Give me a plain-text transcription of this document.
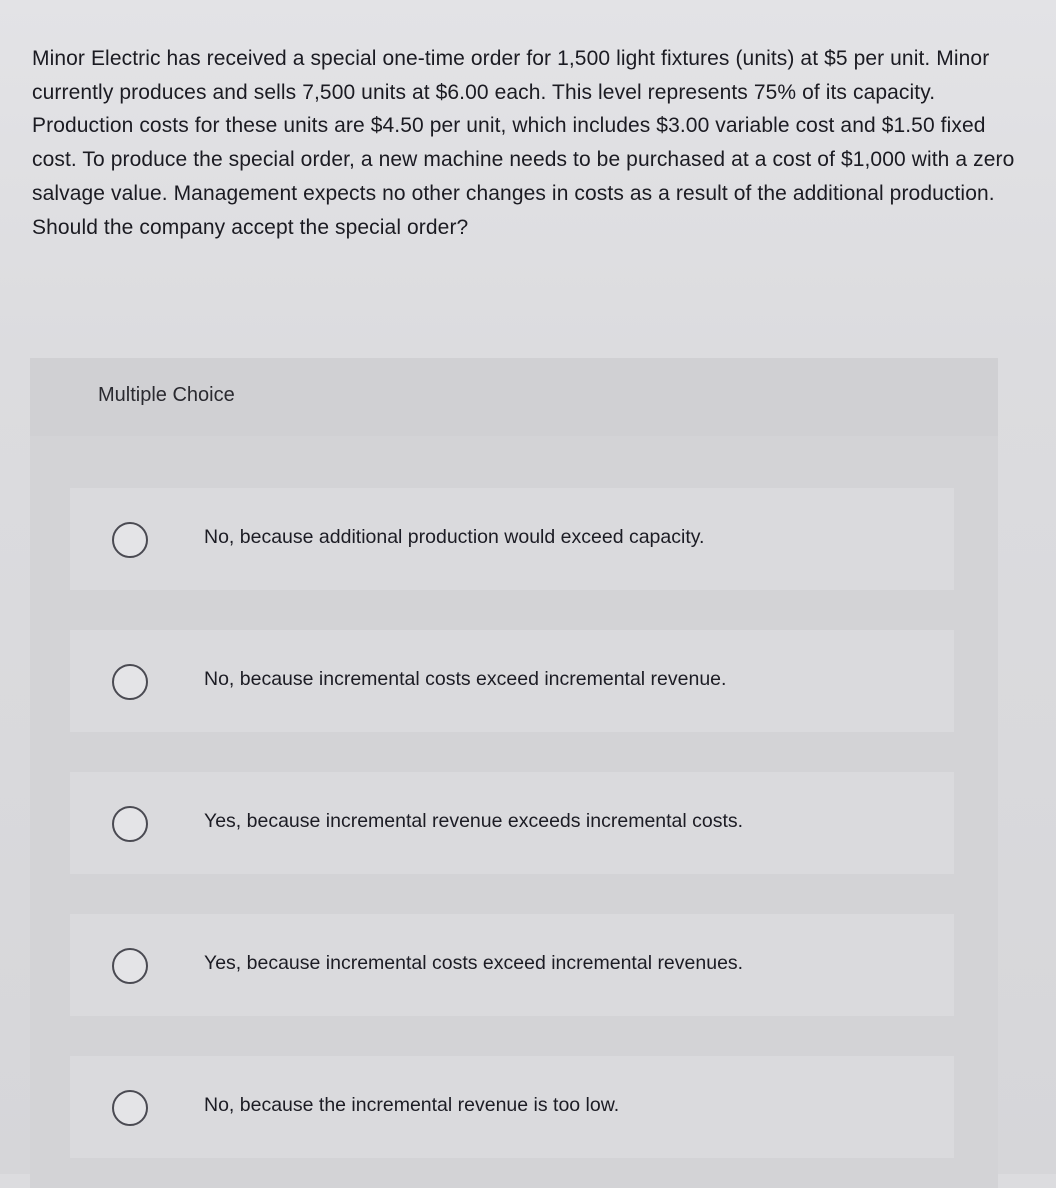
Minor Electric has received a special one-time order for 1,500 light fixtures (units) at $5 per unit. Minor currently produces and sells 7,500 units at $6.00 each. This level represents 75% of its capacity. Production costs for these units are $4.50 per unit, which includes $3.00 variable cost and $1.50 fixed cost. To produce the special order, a new machine needs to be purchased at a cost of $1,000 with a zero salvage value. Management expects no other changes in costs as a result of the additional production. Should the company accept the special order?

Multiple Choice
No, because additional production would exceed capacity.
No, because incremental costs exceed incremental revenue.
Yes, because incremental revenue exceeds incremental costs.
Yes, because incremental costs exceed incremental revenues.
No, because the incremental revenue is too low.
